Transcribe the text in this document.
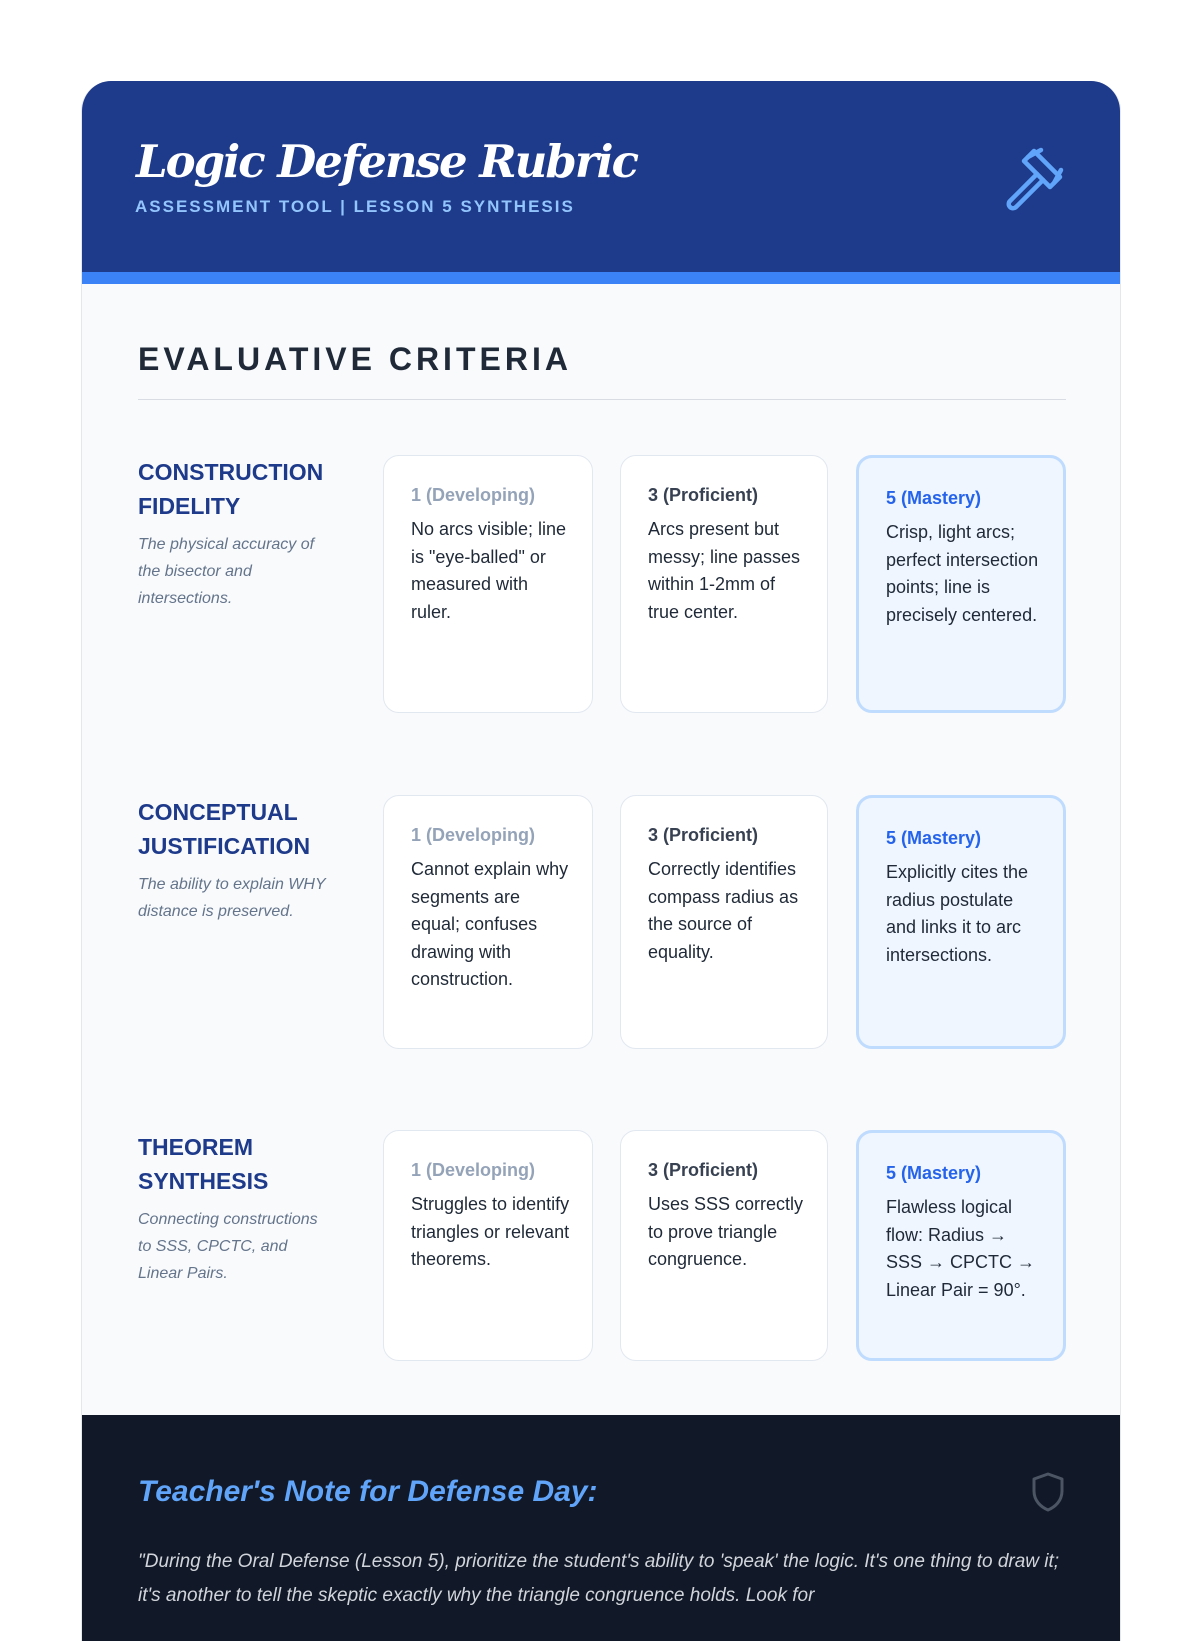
Logic Defense Rubric
ASSESSMENT TOOL | LESSON 5 SYNTHESIS
EVALUATIVE CRITERIA
CONSTRUCTION FIDELITY
The physical accuracy of the bisector and intersections.
1 (Developing)
No arcs visible; line is "eye-balled" or measured with ruler.
3 (Proficient)
Arcs present but messy; line passes within 1-2mm of true center.
5 (Mastery)
Crisp, light arcs; perfect intersection points; line is precisely centered.
CONCEPTUAL JUSTIFICATION
The ability to explain WHY distance is preserved.
1 (Developing)
Cannot explain why segments are equal; confuses drawing with construction.
3 (Proficient)
Correctly identifies compass radius as the source of equality.
5 (Mastery)
Explicitly cites the radius postulate and links it to arc intersections.
THEOREM SYNTHESIS
Connecting constructions to SSS, CPCTC, and Linear Pairs.
1 (Developing)
Struggles to identify triangles or relevant theorems.
3 (Proficient)
Uses SSS correctly to prove triangle congruence.
5 (Mastery)
Flawless logical flow: Radius → SSS → CPCTC → Linear Pair = 90°.
Teacher's Note for Defense Day:
"During the Oral Defense (Lesson 5), prioritize the student's ability to 'speak' the logic. It's one thing to draw it; it's another to tell the skeptic exactly why the triangle congruence holds. Look for
